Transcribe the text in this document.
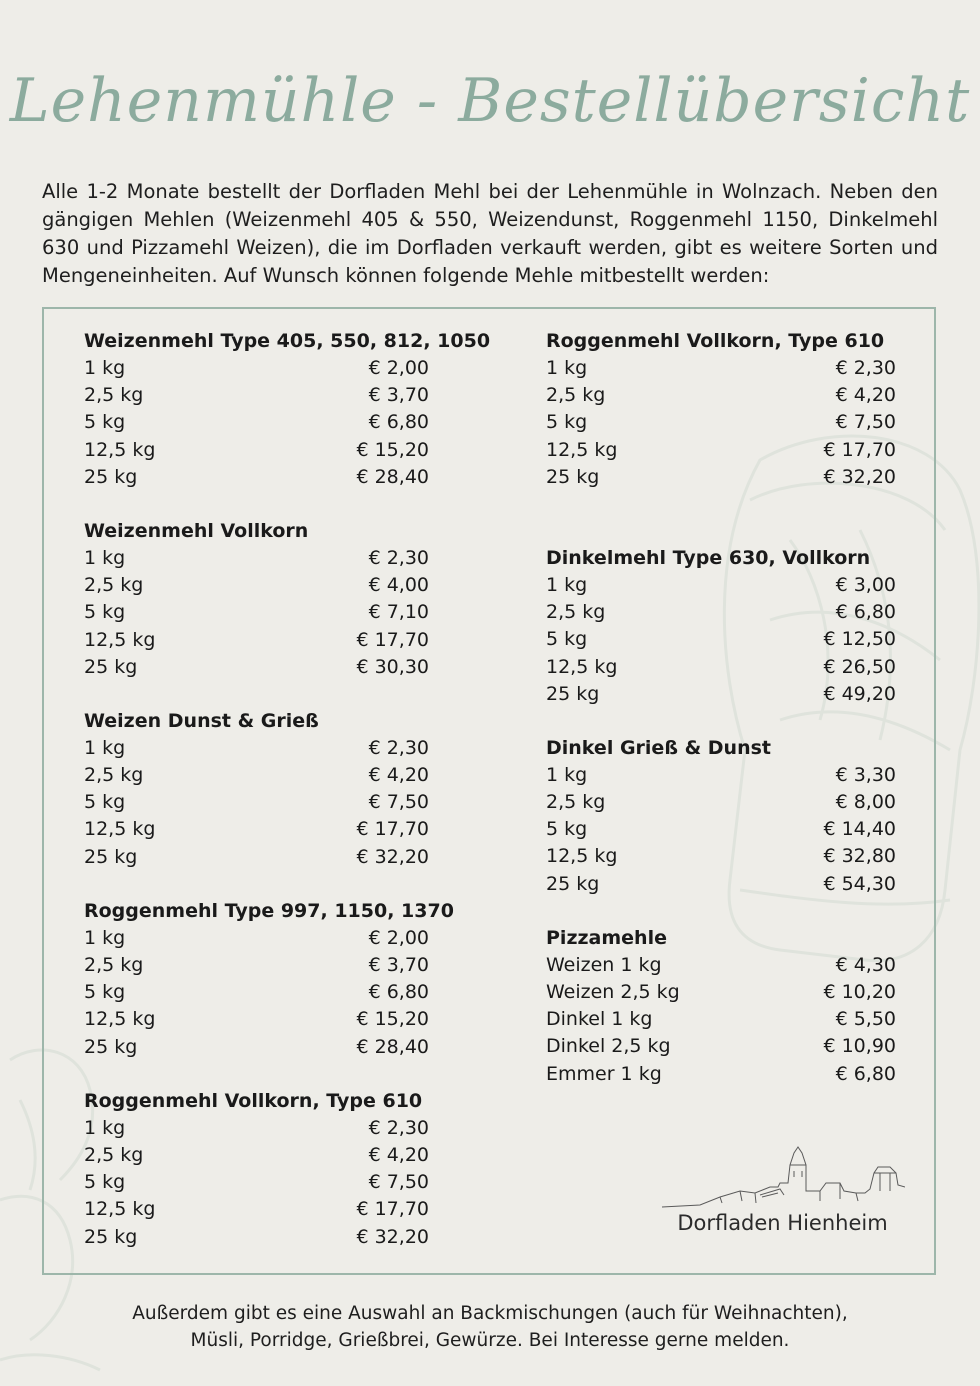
Lehenmühle - Bestellübersicht

Alle 1-2 Monate bestellt der Dorfladen Mehl bei der Lehenmühle in Wolnzach. Neben den gängigen Mehlen (Weizenmehl 405 & 550, Weizendunst, Roggenmehl 1150, Dinkelmehl 630 und Pizzamehl Weizen), die im Dorfladen verkauft werden, gibt es weitere Sorten und Mengeneinheiten. Auf Wunsch können folgende Mehle mitbestellt werden:

Weizenmehl Type 405, 550, 812, 1050
1 kg	€ 2,00
2,5 kg	€ 3,70
5 kg	€ 6,80
12,5 kg	€ 15,20
25 kg	€ 28,40
Weizenmehl Vollkorn
1 kg	€ 2,30
2,5 kg	€ 4,00
5 kg	€ 7,10
12,5 kg	€ 17,70
25 kg	€ 30,30
Weizen Dunst & Grieß
1 kg	€ 2,30
2,5 kg	€ 4,20
5 kg	€ 7,50
12,5 kg	€ 17,70
25 kg	€ 32,20
Roggenmehl Type 997, 1150, 1370
1 kg	€ 2,00
2,5 kg	€ 3,70
5 kg	€ 6,80
12,5 kg	€ 15,20
25 kg	€ 28,40
Roggenmehl Vollkorn, Type 610
1 kg	€ 2,30
2,5 kg	€ 4,20
5 kg	€ 7,50
12,5 kg	€ 17,70
25 kg	€ 32,20
Roggenmehl Vollkorn, Type 610
1 kg	€ 2,30
2,5 kg	€ 4,20
5 kg	€ 7,50
12,5 kg	€ 17,70
25 kg	€ 32,20
Dinkelmehl Type 630, Vollkorn
1 kg	€ 3,00
2,5 kg	€ 6,80
5 kg	€ 12,50
12,5 kg	€ 26,50
25 kg	€ 49,20
Dinkel Grieß & Dunst
1 kg	€ 3,30
2,5 kg	€ 8,00
5 kg	€ 14,40
12,5 kg	€ 32,80
25 kg	€ 54,30
Pizzamehle
Weizen 1 kg	€ 4,30
Weizen 2,5 kg	€ 10,20
Dinkel 1 kg	€ 5,50
Dinkel 2,5 kg	€ 10,90
Emmer 1 kg	€ 6,80
Dorfladen Hienheim
Außerdem gibt es eine Auswahl an Backmischungen (auch für Weihnachten),
Müsli, Porridge, Grießbrei, Gewürze. Bei Interesse gerne melden.
